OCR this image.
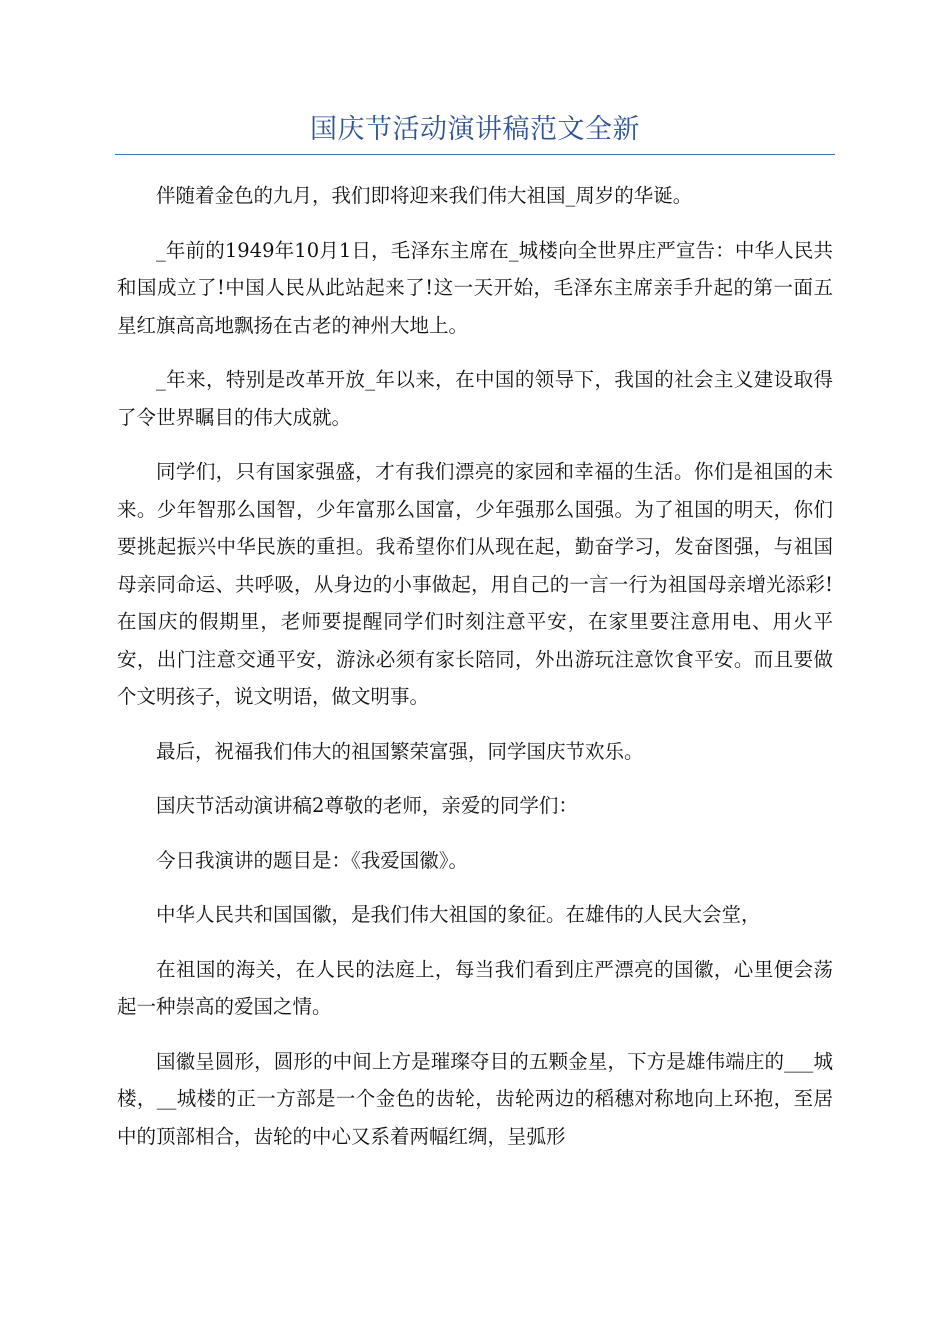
国庆节活动演讲稿范文全新

伴随着金色的九月，我们即将迎来我们伟大祖国_周岁的华诞。

_年前的1949年10月1日，毛泽东主席在_城楼向全世界庄严宣告：中华人民共和国成立了!中国人民从此站起来了!这一天开始，毛泽东主席亲手升起的第一面五星红旗高高地飘扬在古老的神州大地上。

_年来，特别是改革开放_年以来，在中国的领导下，我国的社会主义建设取得了令世界瞩目的伟大成就。

同学们，只有国家强盛，才有我们漂亮的家园和幸福的生活。你们是祖国的未来。少年智那么国智，少年富那么国富，少年强那么国强。为了祖国的明天，你们要挑起振兴中华民族的重担。我希望你们从现在起，勤奋学习，发奋图强，与祖国母亲同命运、共呼吸，从身边的小事做起，用自己的一言一行为祖国母亲增光添彩!在国庆的假期里，老师要提醒同学们时刻注意平安，在家里要注意用电、用火平安，出门注意交通平安，游泳必须有家长陪同，外出游玩注意饮食平安。而且要做个文明孩子，说文明语，做文明事。

最后，祝福我们伟大的祖国繁荣富强，同学国庆节欢乐。

国庆节活动演讲稿2尊敬的老师，亲爱的同学们：

今日我演讲的题目是：《我爱国徽》。

中华人民共和国国徽，是我们伟大祖国的象征。在雄伟的人民大会堂，

在祖国的海关，在人民的法庭上，每当我们看到庄严漂亮的国徽，心里便会荡起一种崇高的爱国之情。

国徽呈圆形，圆形的中间上方是璀璨夺目的五颗金星，下方是雄伟端庄的___城楼，__城楼的正一方部是一个金色的齿轮，齿轮两边的稻穗对称地向上环抱，至居中的顶部相合，齿轮的中心又系着两幅红绸，呈弧形
